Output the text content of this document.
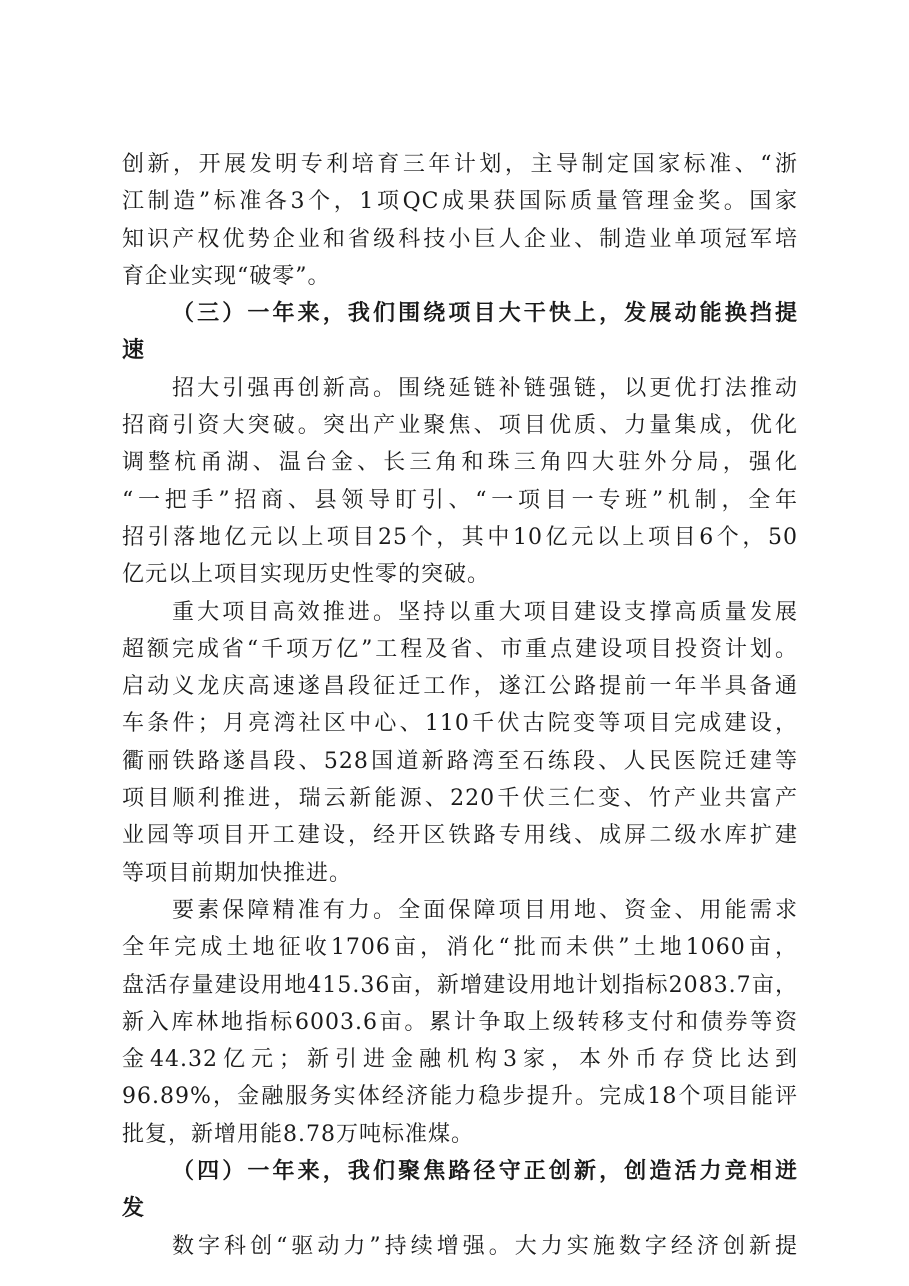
创新，开展发明专利培育三年计划，主导制定国家标准、“浙
江制造”标准各3个，1项QC成果获国际质量管理金奖。国家
知识产权优势企业和省级科技小巨人企业、制造业单项冠军培
育企业实现“破零”。
（三）一年来，我们围绕项目大干快上，发展动能换挡提
速
招大引强再创新高。围绕延链补链强链，以更优打法推动
招商引资大突破。突出产业聚焦、项目优质、力量集成，优化
调整杭甬湖、温台金、长三角和珠三角四大驻外分局，强化
“一把手”招商、县领导盯引、“一项目一专班”机制，全年
招引落地亿元以上项目25个，其中10亿元以上项目6个，50
亿元以上项目实现历史性零的突破。
重大项目高效推进。坚持以重大项目建设支撑高质量发展
超额完成省“千项万亿”工程及省、市重点建设项目投资计划。
启动义龙庆高速遂昌段征迁工作，遂江公路提前一年半具备通
车条件；月亮湾社区中心、110千伏古院变等项目完成建设，
衢丽铁路遂昌段、528国道新路湾至石练段、人民医院迁建等
项目顺利推进，瑞云新能源、220千伏三仁变、竹产业共富产
业园等项目开工建设，经开区铁路专用线、成屏二级水库扩建
等项目前期加快推进。
要素保障精准有力。全面保障项目用地、资金、用能需求
全年完成土地征收1706亩，消化“批而未供”土地1060亩，
盘活存量建设用地415.36亩，新增建设用地计划指标2083.7亩，
新入库林地指标6003.6亩。累计争取上级转移支付和债券等资
金44.32亿元；新引进金融机构3家，本外币存贷比达到
96.89%，金融服务实体经济能力稳步提升。完成18个项目能评
批复，新增用能8.78万吨标准煤。
（四）一年来，我们聚焦路径守正创新，创造活力竞相迸
发
数字科创“驱动力”持续增强。大力实施数字经济创新提
